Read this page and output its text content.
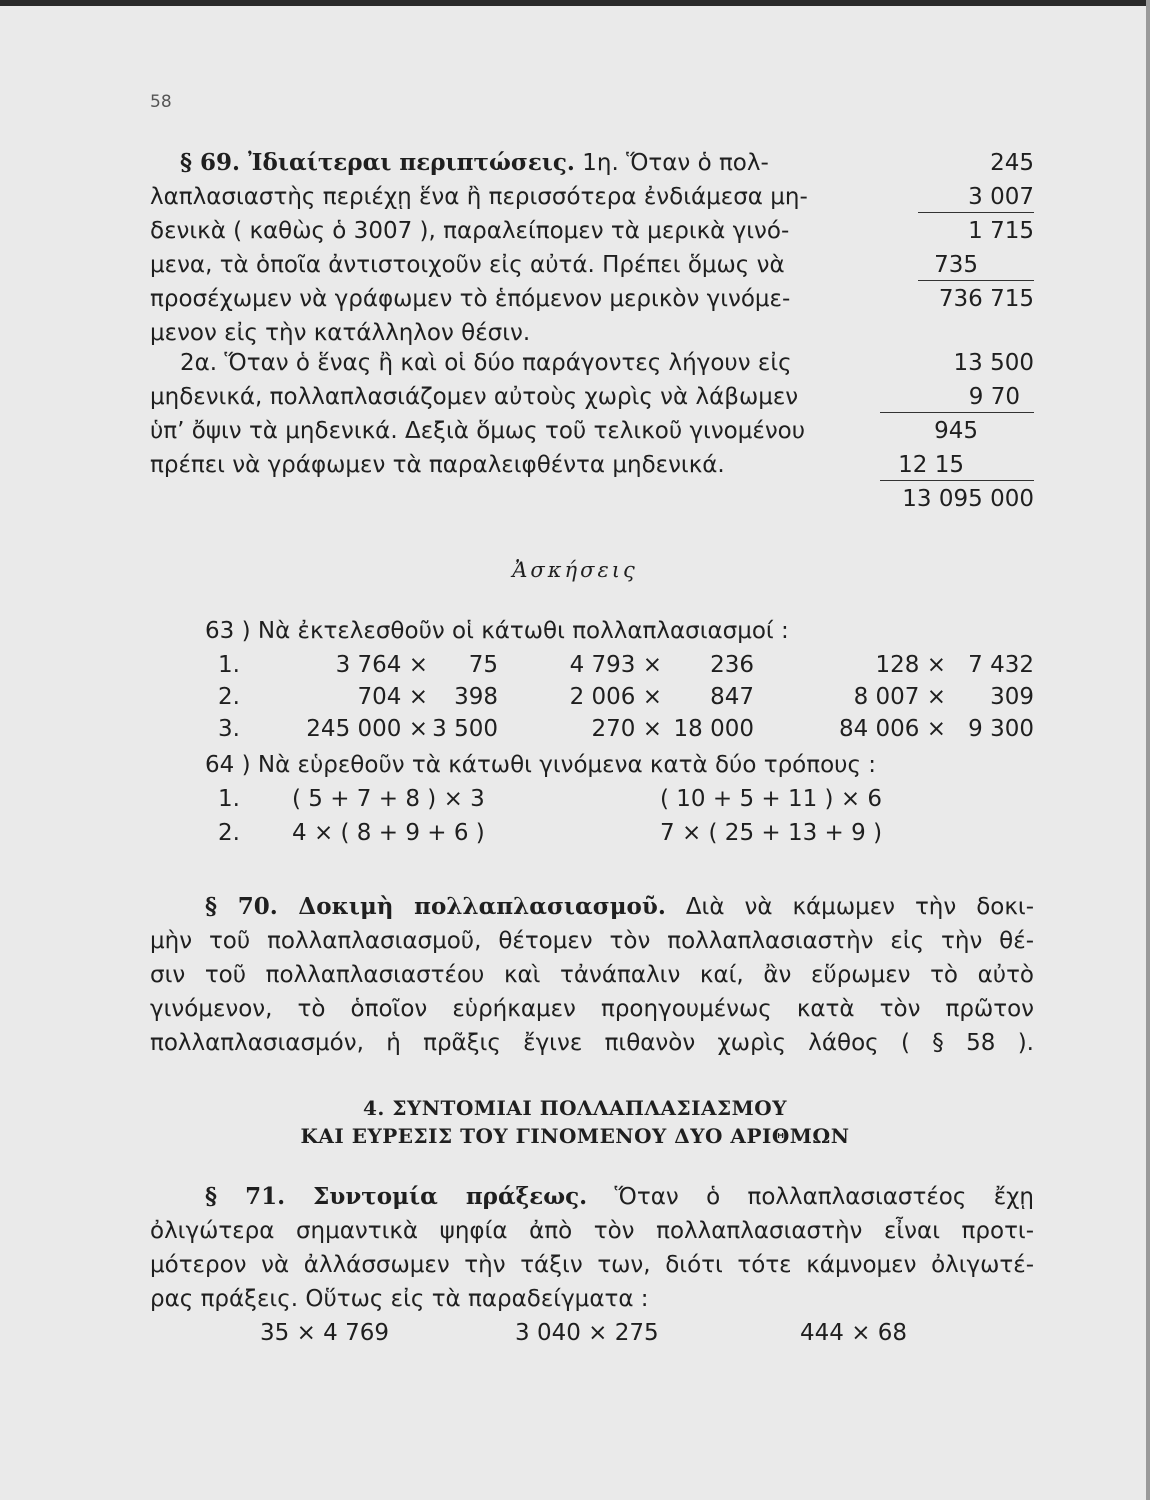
58
§ 69. Ἰδιαίτεραι περιπτώσεις. 1η. Ὅταν ὁ πολ-
λαπλασιαστὴς περιέχῃ ἕνα ἢ περισσότερα ἐνδιάμεσα μη-
δενικὰ ( καθὼς ὁ 3007 ), παραλείπομεν τὰ μερικὰ γινό-
μενα, τὰ ὁποῖα ἀντιστοιχοῦν εἰς αὐτά. Πρέπει ὅμως νὰ
προσέχωμεν νὰ γράφωμεν τὸ ἑπόμενον μερικὸν γινόμε-
μενον εἰς τὴν κατάλληλον θέσιν.
245
3 007
1 715
735
736 715
2α. Ὅταν ὁ ἕνας ἢ καὶ οἱ δύο παράγοντες λήγουν εἰς
μηδενικά, πολλαπλασιάζομεν αὐτοὺς χωρὶς νὰ λάβωμεν
ὑπ’ ὄψιν τὰ μηδενικά. Δεξιὰ ὅμως τοῦ τελικοῦ γινομένου
πρέπει νὰ γράφωμεν τὰ παραλειφθέντα μηδενικά.
13 500
9 70
945
12 15
13 095 000
Ἀσκήσεις
63 ) Νὰ ἐκτελεσθοῦν οἱ κάτωθι πολλαπλασιασμοί :
1.	3 764 ×	75	4 793 ×	236	128 × 7 432
2.	704 ×	398	2 006 ×	847	8 007 ×	309
3.	245 000 × 3 500	270 × 18 000	84 006 × 9 300
64 ) Νὰ εὑρεθοῦν τὰ κάτωθι γινόμενα κατὰ δύο τρόπους :
1. ( 5 + 7 + 8 ) × 3	( 10 + 5 + 11 ) × 6
2. 4 × ( 8 + 9 + 6 )	7 × ( 25 + 13 + 9 )
§ 70. Δοκιμὴ πολλαπλασιασμοῦ. Διὰ νὰ κάμωμεν τὴν δοκι-
μὴν τοῦ πολλαπλασιασμοῦ, θέτομεν τὸν πολλαπλασιαστὴν εἰς τὴν θέ-
σιν τοῦ πολλαπλασιαστέου καὶ τἀνάπαλιν καί, ἂν εὕρωμεν τὸ αὐτὸ
γινόμενον, τὸ ὁποῖον εὑρήκαμεν προηγουμένως κατὰ τὸν πρῶτον
πολλαπλασιασμόν, ἡ πρᾶξις ἔγινε πιθανὸν χωρὶς λάθος ( § 58 ).
4. ΣΥΝΤΟΜΙΑΙ ΠΟΛΛΑΠΛΑΣΙΑΣΜΟΥ
ΚΑΙ ΕΥΡΕΣΙΣ ΤΟΥ ΓΙΝΟΜΕΝΟΥ ΔΥΟ ΑΡΙΘΜΩΝ
§ 71. Συντομία πράξεως. Ὅταν ὁ πολλαπλασιαστέος ἔχῃ
ὀλιγώτερα σημαντικὰ ψηφία ἀπὸ τὸν πολλαπλασιαστὴν εἶναι προτι-
μότερον νὰ ἀλλάσσωμεν τὴν τάξιν των, διότι τότε κάμνομεν ὀλιγωτέ-
ρας πράξεις. Οὕτως εἰς τὰ παραδείγματα :
35 × 4 769	3 040 × 275	444 × 68
